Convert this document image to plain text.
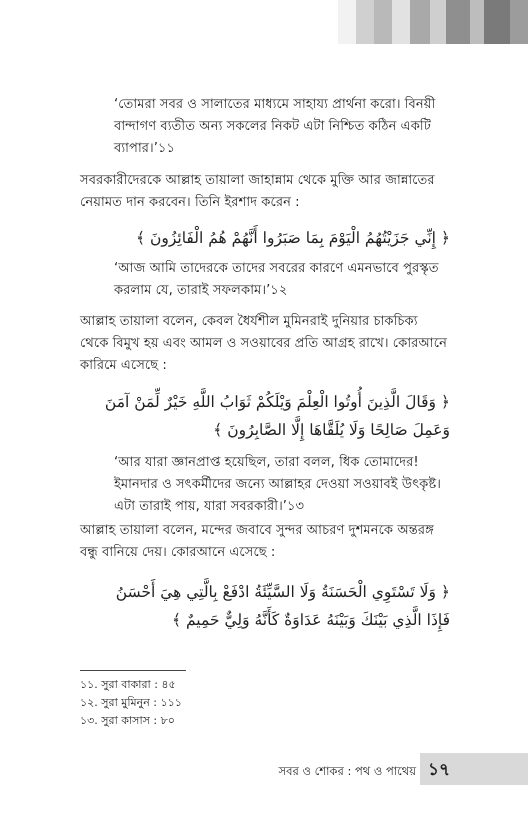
‘তোমরা সবর ও সালাতের মাধ্যমে সাহায্য প্রার্থনা করো। বিনয়ী বান্দাগণ ব্যতীত অন্য সকলের নিকট এটা নিশ্চিত কঠিন একটি ব্যাপার।’১১

সবরকারীদেরকে আল্লাহ তায়ালা জাহান্নাম থেকে মুক্তি আর জান্নাতের নেয়ামত দান করবেন। তিনি ইরশাদ করেন :

﴿ إِنِّي جَزَيْتُهُمُ الْيَوْمَ بِمَا صَبَرُوا أَنَّهُمْ هُمُ الْفَائِزُونَ ﴾

‘আজ আমি তাদেরকে তাদের সবরের কারণে এমনভাবে পুরস্কৃত করলাম যে, তারাই সফলকাম।’১২

আল্লাহ তায়ালা বলেন, কেবল ধৈর্যশীল মুমিনরাই দুনিয়ার চাকচিক্য থেকে বিমুখ হয় এবং আমল ও সওয়াবের প্রতি আগ্রহ রাখে। কোরআনে কারিমে এসেছে :

﴿ وَقَالَ الَّذِينَ أُوتُوا الْعِلْمَ وَيْلَكُمْ ثَوَابُ اللَّهِ خَيْرٌ لِّمَنْ آمَنَ وَعَمِلَ صَالِحًا وَلَا يُلَقَّاهَا إِلَّا الصَّابِرُونَ ﴾

‘আর যারা জ্ঞানপ্রাপ্ত হয়েছিল, তারা বলল, ধিক তোমাদের! ইমানদার ও সৎকর্মীদের জন্যে আল্লাহর দেওয়া সওয়াবই উৎকৃষ্ট। এটা তারাই পায়, যারা সবরকারী।’১৩

আল্লাহ তায়ালা বলেন, মন্দের জবাবে সুন্দর আচরণ দুশমনকে অন্তরঙ্গ বন্ধু বানিয়ে দেয়। কোরআনে এসেছে :

﴿ وَلَا تَسْتَوِي الْحَسَنَةُ وَلَا السَّيِّئَةُ ادْفَعْ بِالَّتِي هِيَ أَحْسَنُ فَإِذَا الَّذِي بَيْنَكَ وَبَيْنَهُ عَدَاوَةٌ كَأَنَّهُ وَلِيٌّ حَمِيمٌ ﴾

১১. সুরা বাকারা : ৪৫

১২. সুরা মুমিনুন : ১১১

১৩. সুরা কাসাস : ৮০

সবর ও শোকর : পথ ও পাথেয় ১৭
